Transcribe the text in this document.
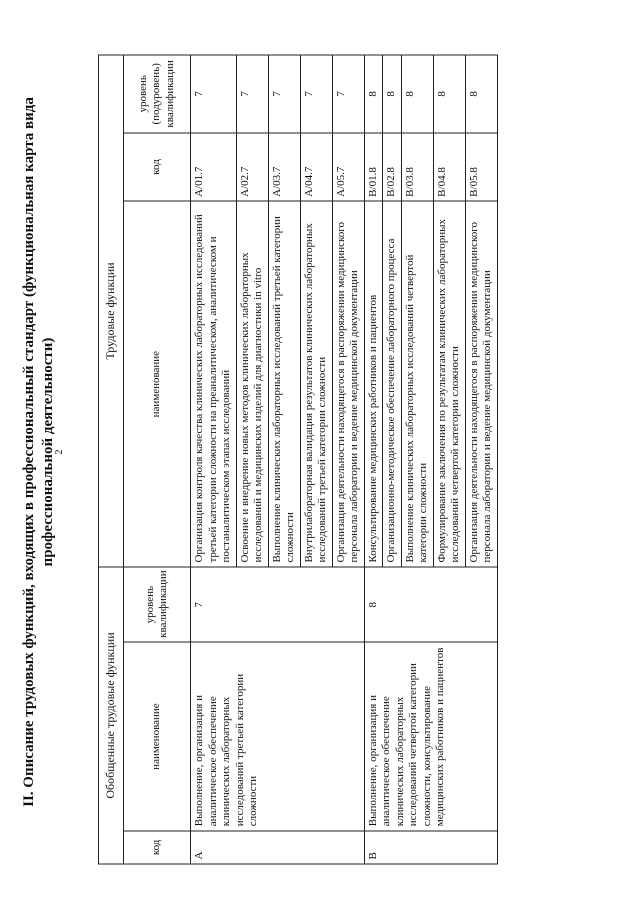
2
II. Описание трудовых функций, входящих в профессиональный стандарт (функциональная карта вида профессиональной деятельности)
Обобщенные трудовые функции			Трудовые функции		
код	наименование	уровень квалификации	наименование	код	уровень (подуровень) квалификации
А	Выполнение, организация и аналитическое обеспечение клинических лабораторных исследований третьей категории сложности	7	Организация контроля качества клинических лабораторных исследований третьей категории сложности на преаналитическом, аналитическом и постаналитическом этапах исследований	A/01.7	7
			Освоение и внедрение новых методов клинических лабораторных исследований и медицинских изделий для диагностики in vitro	A/02.7	7
			Выполнение клинических лабораторных исследований третьей категории сложности	A/03.7	7
			Внутрилабораторная валидация результатов клинических лабораторных исследований третьей категории сложности	A/04.7	7
			Организация деятельности находящегося в распоряжении медицинского персонала лаборатории и ведение медицинской документации	A/05.7	7
В	Выполнение, организация и аналитическое обеспечение клинических лабораторных исследований четвертой категории сложности, консультирование медицинских работников и пациентов	8	Консультирование медицинских работников и пациентов	B/01.8	8
			Организационно-методическое обеспечение лабораторного процесса	B/02.8	8
			Выполнение клинических лабораторных исследований четвертой категории сложности	B/03.8	8
			Формулирование заключения по результатам клинических лабораторных исследований четвертой категории сложности	B/04.8	8
			Организация деятельности находящегося в распоряжении медицинского персонала лаборатории и ведение медицинской документации	B/05.8	8
